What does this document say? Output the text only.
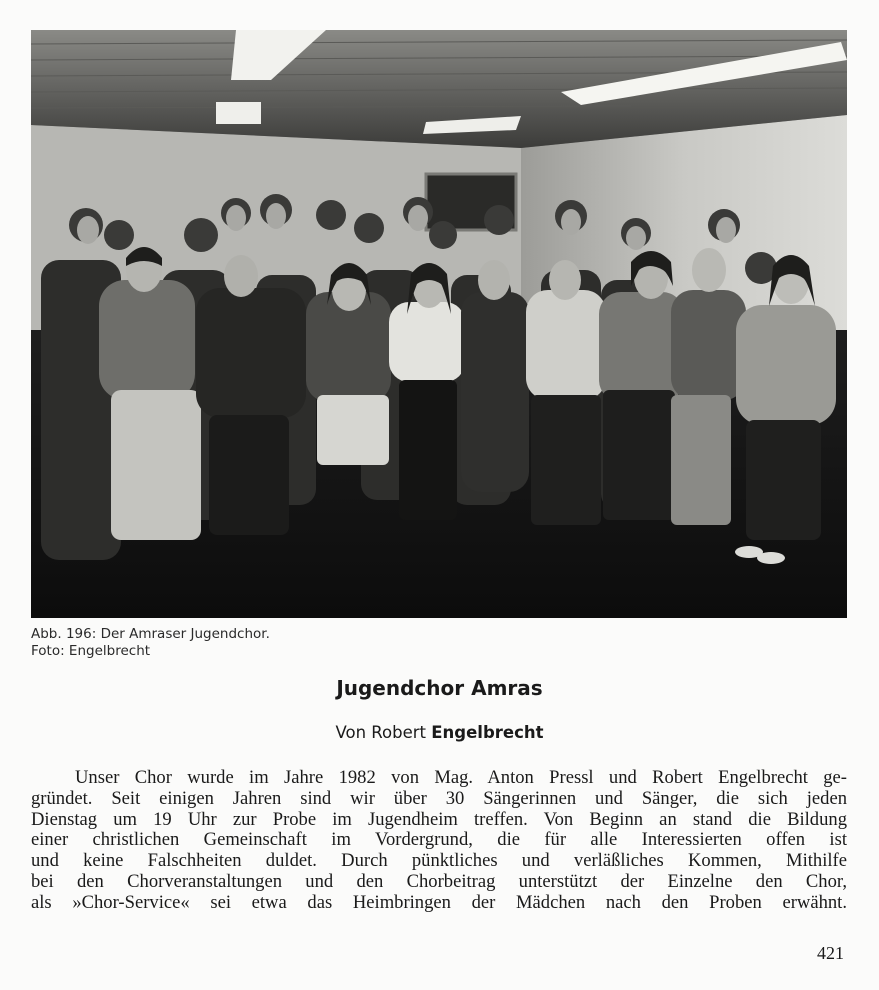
Abb. 196: Der Amraser Jugendchor.
Foto: Engelbrecht
Jugendchor Amras
Von Robert Engelbrecht
Unser Chor wurde im Jahre 1982 von Mag. Anton Pressl und Robert Engelbrecht ge-
gründet. Seit einigen Jahren sind wir über 30 Sängerinnen und Sänger, die sich jeden
Dienstag um 19 Uhr zur Probe im Jugendheim treffen. Von Beginn an stand die Bildung
einer christlichen Gemeinschaft im Vordergrund, die für alle Interessierten offen ist
und keine Falschheiten duldet. Durch pünktliches und verläßliches Kommen, Mithilfe
bei den Chorveranstaltungen und den Chorbeitrag unterstützt der Einzelne den Chor,
als »Chor-Service« sei etwa das Heimbringen der Mädchen nach den Proben erwähnt.
421
